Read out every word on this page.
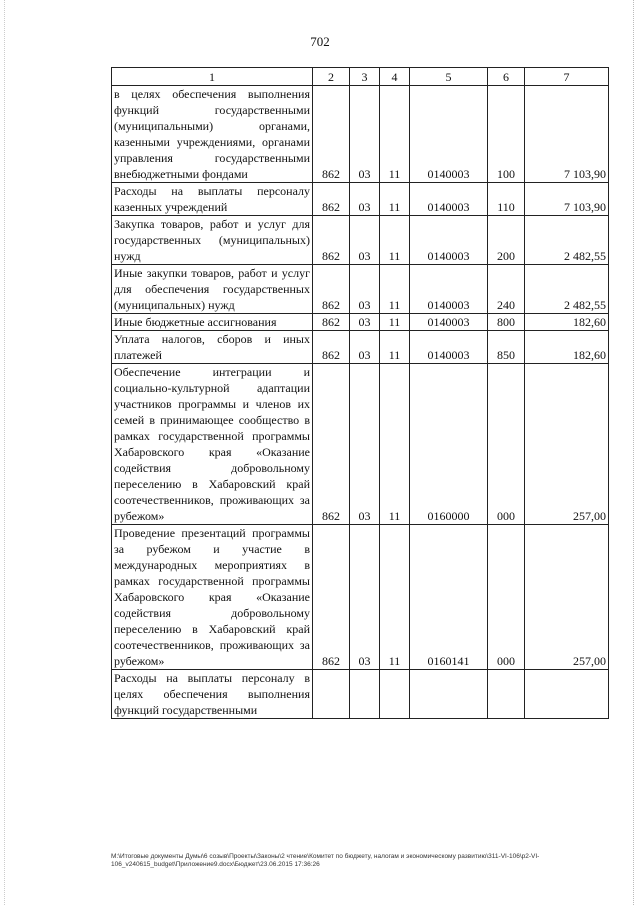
702
1	2	3	4	5	6	7
в целях обеспечения выполнения функций государственными (муниципальными) органами, казенными учреждениями, органами управления государственными внебюджетными фондами	862	03	11	0140003	100	7 103,90
Расходы на выплаты персоналу казенных учреждений	862	03	11	0140003	110	7 103,90
Закупка товаров, работ и услуг для государственных (муниципальных) нужд	862	03	11	0140003	200	2 482,55
Иные закупки товаров, работ и услуг для обеспечения государственных (муниципальных) нужд	862	03	11	0140003	240	2 482,55
Иные бюджетные ассигнования	862	03	11	0140003	800	182,60
Уплата налогов, сборов и иных платежей	862	03	11	0140003	850	182,60
Обеспечение интеграции и социально-культурной адаптации участников программы и членов их семей в принимающее сообщество в рамках государственной программы Хабаровского края «Оказание содействия добровольному переселению в Хабаровский край соотечественников, проживающих за рубежом»	862	03	11	0160000	000	257,00
Проведение презентаций программы за рубежом и участие в международных мероприятиях в рамках государственной программы Хабаровского края «Оказание содействия добровольному переселению в Хабаровский край соотечественников, проживающих за рубежом»	862	03	11	0160141	000	257,00
Расходы на выплаты персоналу в целях обеспечения выполнения функций государственными						
M:\Итоговые документы Думы\6 созыв\Проекты\Законы\2 чтение\Комитет по бюджету, налогам и экономическому развитию\311-VI-106\p2-VI-
106_v240615_budget\Приложение9.docx\Бюджет\23.06.2015 17:36:26
